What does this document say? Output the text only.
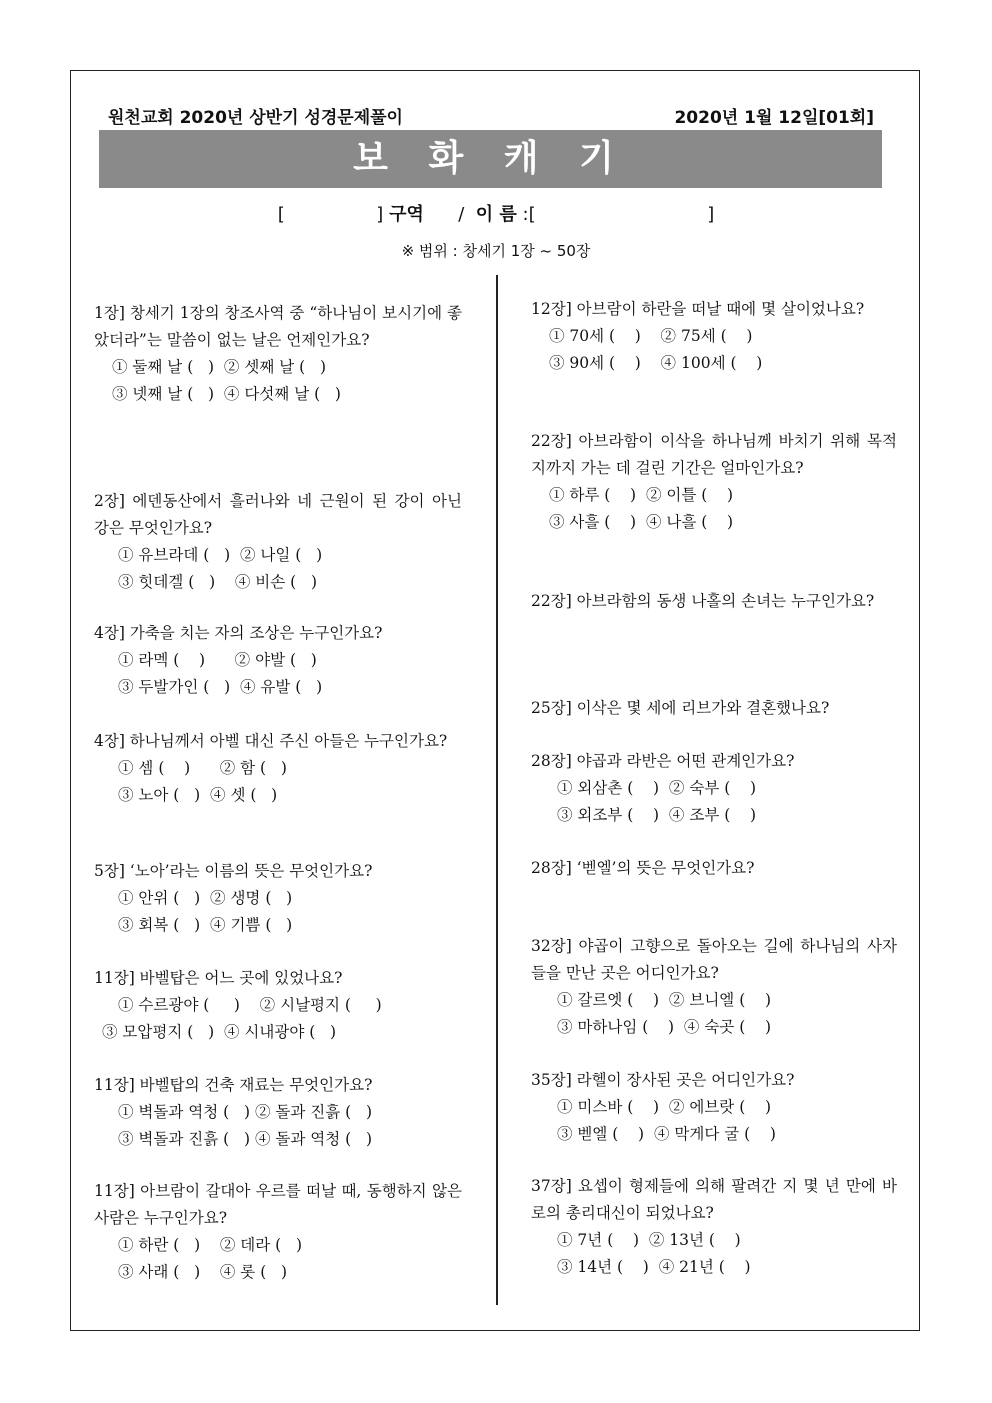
원천교회 2020년 상반기 성경문제풀이	2020년 1월 12일[01회]
보 화 캐 기
[	] 구역 / 이 름 :[	]
※ 범위 : 창세기 1장 ~ 50장

1장] 창세기 1장의 창조사역 중 “하나님이 보시기에 좋았더라”는 말씀이 없는 날은 언제인가요?

① 둘째 날 (   )  ② 셋째 날 (   )
③ 넷째 날 (   )  ④ 다섯째 날 (   )

2장] 에덴동산에서 흘러나와 네 근원이 된 강이 아닌 강은 무엇인가요?

① 유브라데 (   )  ② 나일 (   )
③ 힛데겔 (   )    ④ 비손 (   )

4장] 가축을 치는 자의 조상은 누구인가요?

① 라멕 (    )      ② 야발 (   )
③ 두발가인 (   )  ④ 유발 (   )

4장] 하나님께서 아벨 대신 주신 아들은 누구인가요?

① 셈 (    )      ② 함 (   )
③ 노아 (   )  ④ 셋 (   )

5장] ‘노아’라는 이름의 뜻은 무엇인가요?

① 안위 (   )  ② 생명 (   )
③ 회복 (   )  ④ 기쁨 (   )

11장] 바벨탑은 어느 곳에 있었나요?

① 수르광야 (     )    ② 시날평지 (     )
③ 모압평지 (   )  ④ 시내광야 (   )

11장] 바벨탑의 건축 재료는 무엇인가요?

① 벽돌과 역청 (   ) ② 돌과 진흙 (   )
③ 벽돌과 진흙 (   ) ④ 돌과 역청 (   )

11장] 아브람이 갈대아 우르를 떠날 때, 동행하지 않은 사람은 누구인가요?

① 하란 (   )    ② 데라 (   )
③ 사래 (   )    ④ 롯 (   )

12장] 아브람이 하란을 떠날 때에 몇 살이었나요?

① 70세 (    )    ② 75세 (    )
③ 90세 (    )    ④ 100세 (    )

22장] 아브라함이 이삭을 하나님께 바치기 위해 목적지까지 가는 데 걸린 기간은 얼마인가요?

① 하루 (    )  ② 이틀 (    )
③ 사흘 (    )  ④ 나흘 (    )

22장] 아브라함의 동생 나홀의 손녀는 누구인가요?

25장] 이삭은 몇 세에 리브가와 결혼했나요?

28장] 야곱과 라반은 어떤 관계인가요?

① 외삼촌 (    )  ② 숙부 (    )
③ 외조부 (    )  ④ 조부 (    )

28장] ‘벧엘’의 뜻은 무엇인가요?

32장] 야곱이 고향으로 돌아오는 길에 하나님의 사자들을 만난 곳은 어디인가요?

① 갈르엣 (    )  ② 브니엘 (    )
③ 마하나임 (    )  ④ 숙곳 (    )

35장] 라헬이 장사된 곳은 어디인가요?

① 미스바 (    )  ② 에브랏 (    )
③ 벧엘 (    )  ④ 막게다 굴 (    )

37장] 요셉이 형제들에 의해 팔려간 지 몇 년 만에 바로의 총리대신이 되었나요?

① 7년 (    )  ② 13년 (    )
③ 14년 (    )  ④ 21년 (    )
